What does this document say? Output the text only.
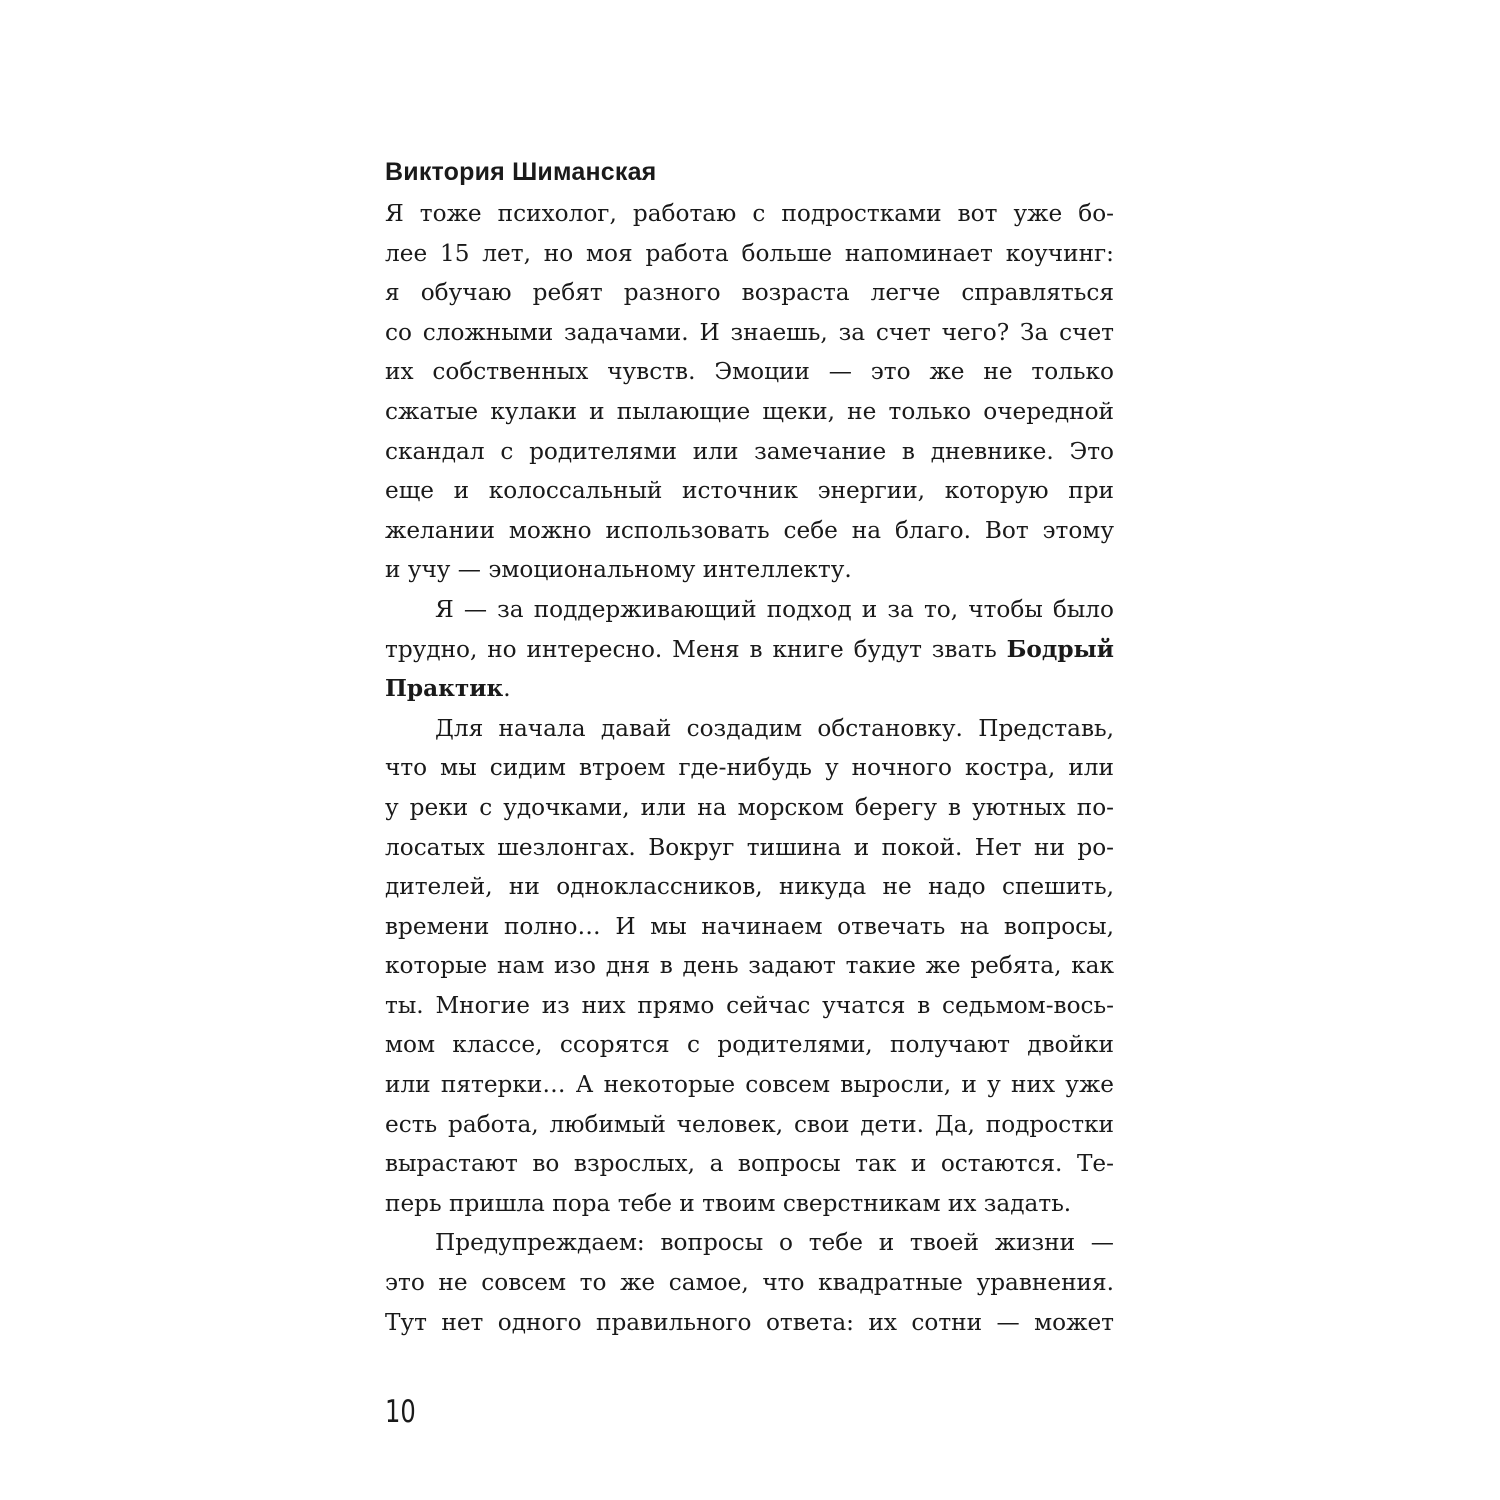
Виктория Шиманская
Я тоже психолог, работаю с подростками вот уже бо-
лее 15 лет, но моя работа больше напоминает коучинг:
я обучаю ребят разного возраста легче справляться
со сложными задачами. И знаешь, за счет чего? За счет
их собственных чувств. Эмоции — это же не только
сжатые кулаки и пылающие щеки, не только очередной
скандал с родителями или замечание в дневнике. Это
еще и колоссальный источник энергии, которую при
желании можно использовать себе на благо. Вот этому
и учу — эмоциональному интеллекту.
Я — за поддерживающий подход и за то, чтобы было
трудно, но интересно. Меня в книге будут звать Бодрый
Практик.
Для начала давай создадим обстановку. Представь,
что мы сидим втроем где-нибудь у ночного костра, или
у реки с удочками, или на морском берегу в уютных по-
лосатых шезлонгах. Вокруг тишина и покой. Нет ни ро-
дителей, ни одноклассников, никуда не надо спешить,
времени полно… И мы начинаем отвечать на вопросы,
которые нам изо дня в день задают такие же ребята, как
ты. Многие из них прямо сейчас учатся в седьмом-вось-
мом классе, ссорятся с родителями, получают двойки
или пятерки… А некоторые совсем выросли, и у них уже
есть работа, любимый человек, свои дети. Да, подростки
вырастают во взрослых, а вопросы так и остаются. Те-
перь пришла пора тебе и твоим сверстникам их задать.
Предупреждаем: вопросы о тебе и твоей жизни —
это не совсем то же самое, что квадратные уравнения.
Тут нет одного правильного ответа: их сотни — может
10
